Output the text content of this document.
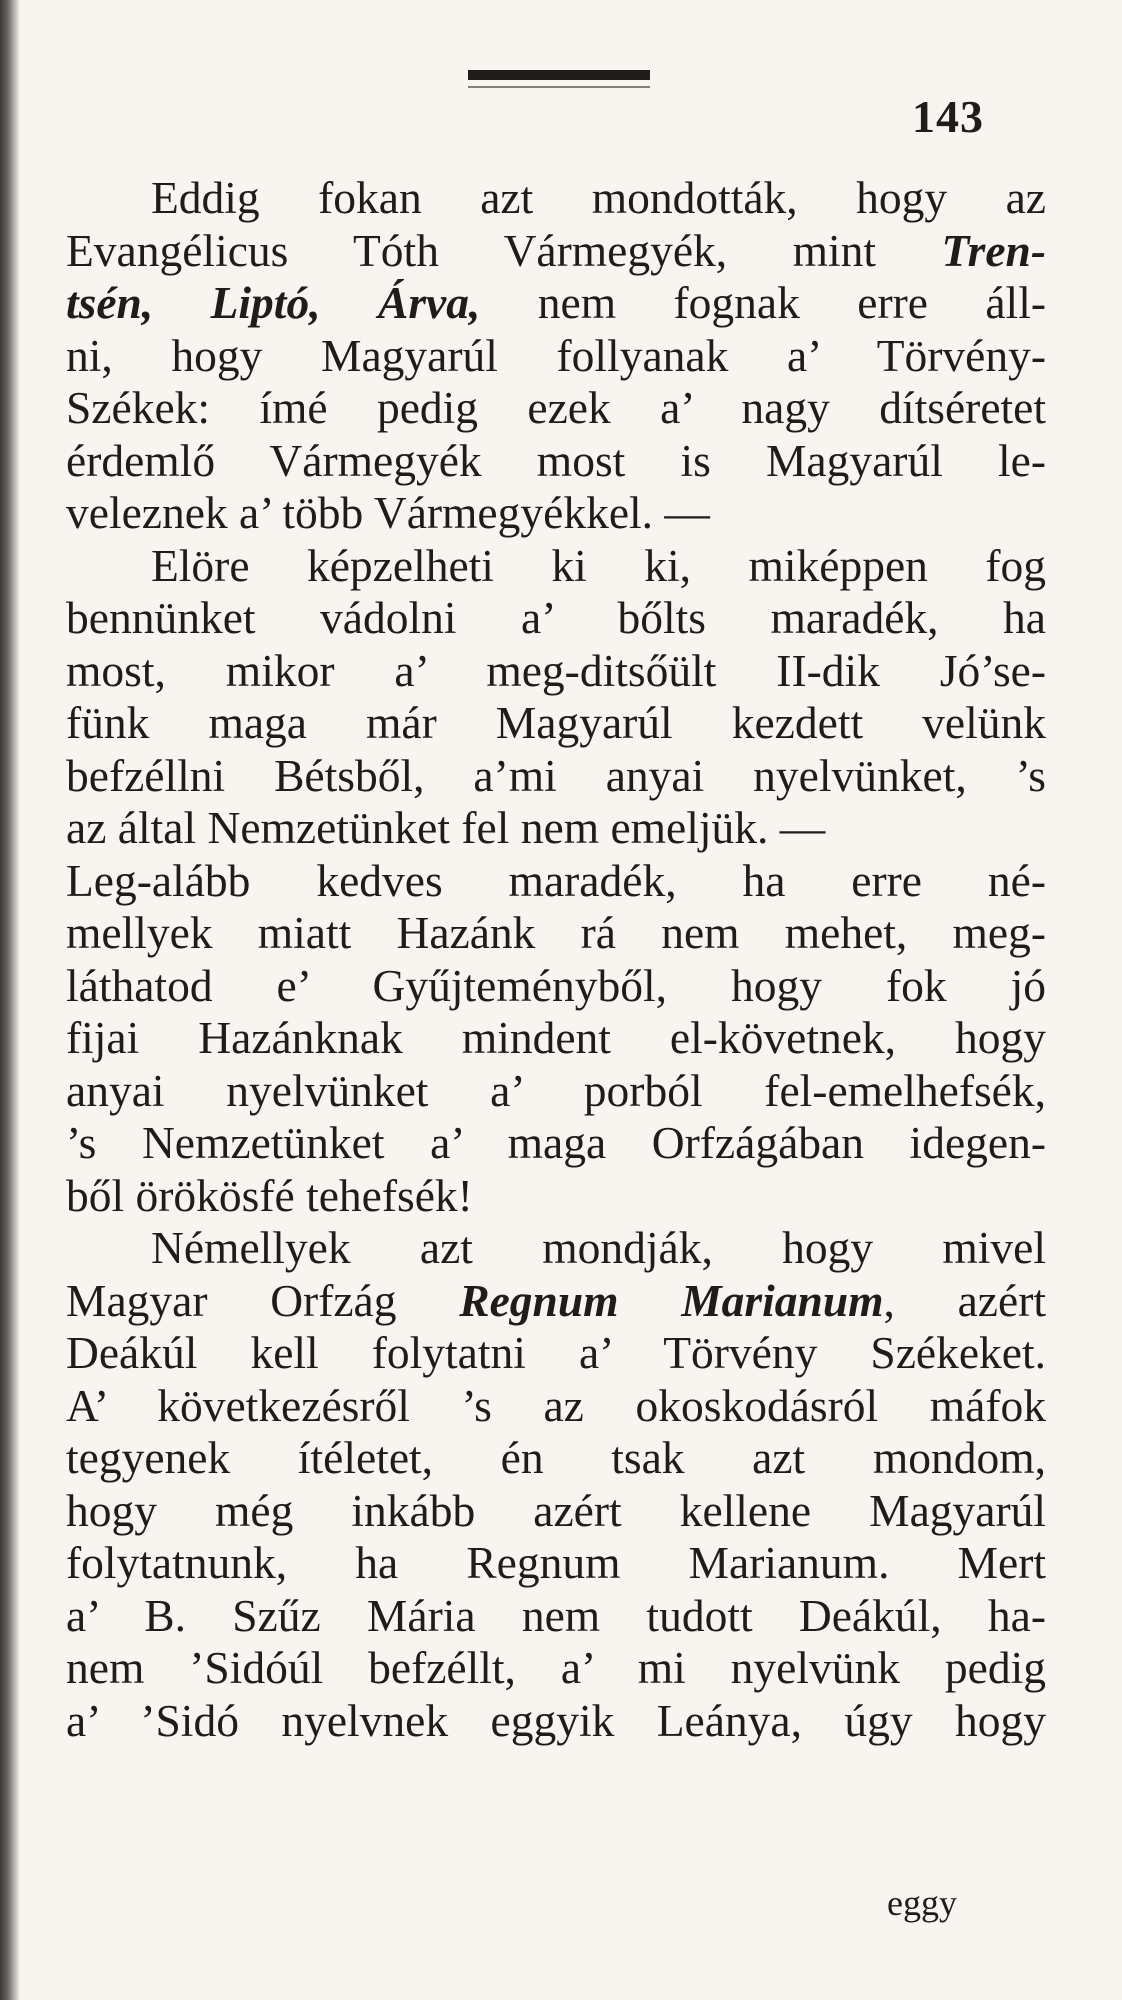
143
Eddig fokan azt mondották, hogy az
Evangélicus Tóth Vármegyék, mint Tren-
tsén, Liptó, Árva, nem fognak erre áll-
ni, hogy Magyarúl follyanak a’ Törvény-
Székek: ímé pedig ezek a’ nagy dítséretet
érdemlő Vármegyék most is Magyarúl le-
veleznek a’ több Vármegyékkel. —
Elöre képzelheti ki ki, miképpen fog
bennünket vádolni a’ bőlts maradék, ha
most, mikor a’ meg-ditsőült II-dik Jó’se-
fünk maga már Magyarúl kezdett velünk
befzéllni Bétsből, a’mi anyai nyelvünket, ’s
az által Nemzetünket fel nem emeljük. —
Leg-alább kedves maradék, ha erre né-
mellyek miatt Hazánk rá nem mehet, meg-
láthatod e’ Gyűjteményből, hogy fok jó
fijai Hazánknak mindent el-követnek, hogy
anyai nyelvünket a’ porból fel-emelhefsék,
’s Nemzetünket a’ maga Orfzágában idegen-
ből örökösfé tehefsék!
Némellyek azt mondják, hogy mivel
Magyar Orfzág Regnum Marianum, azért
Deákúl kell folytatni a’ Törvény Székeket.
A’ következésről ’s az okoskodásról máfok
tegyenek ítéletet, én tsak azt mondom,
hogy még inkább azért kellene Magyarúl
folytatnunk, ha Regnum Marianum. Mert
a’ B. Szűz Mária nem tudott Deákúl, ha-
nem ’Sidóúl befzéllt, a’ mi nyelvünk pedig
a’ ’Sidó nyelvnek eggyik Leánya, úgy hogy
eggy
